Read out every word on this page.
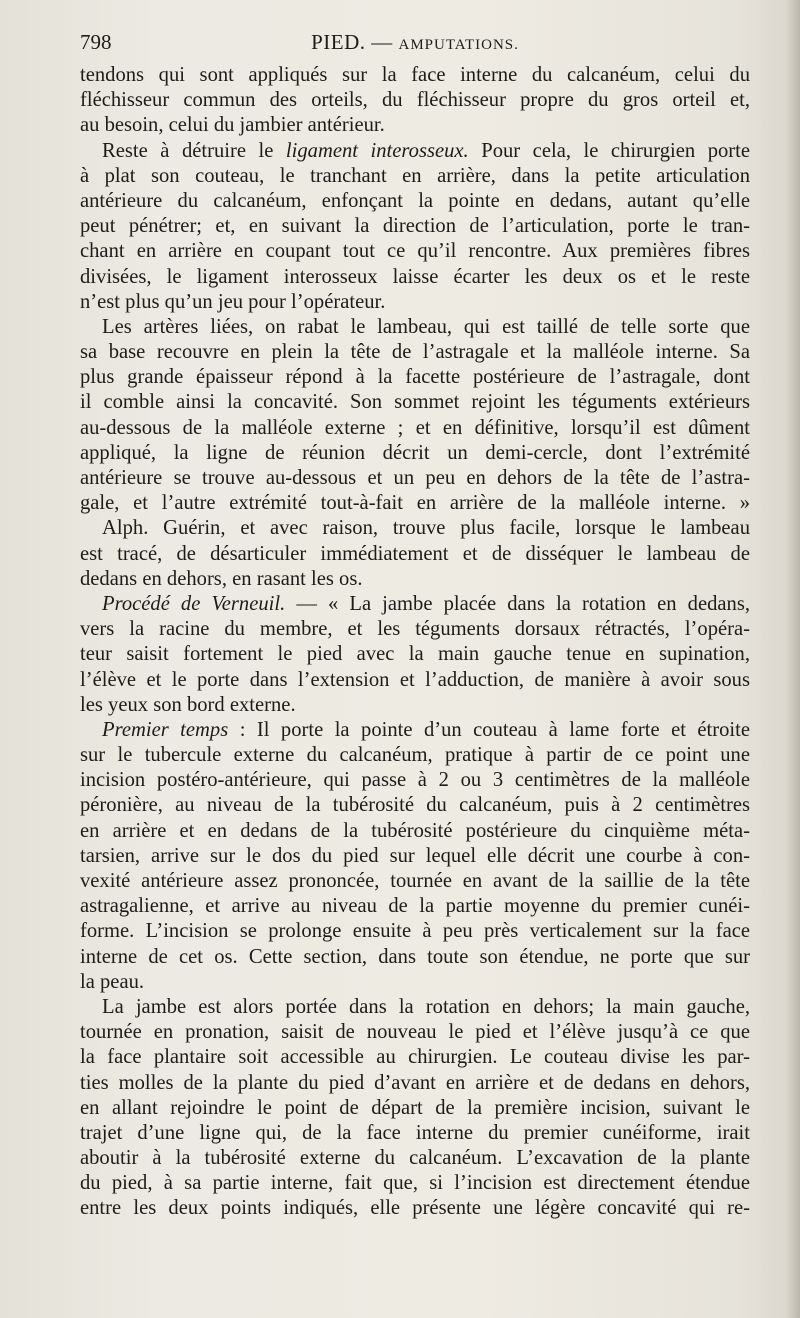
798	PIED. — AMPUTATIONS.
tendons qui sont appliqués sur la face interne du calcanéum, celui du
fléchisseur commun des orteils, du fléchisseur propre du gros orteil et,
au besoin, celui du jambier antérieur.
Reste à détruire le ligament interosseux. Pour cela, le chirurgien porte
à plat son couteau, le tranchant en arrière, dans la petite articulation
antérieure du calcanéum, enfonçant la pointe en dedans, autant qu’elle
peut pénétrer; et, en suivant la direction de l’articulation, porte le tran-
chant en arrière en coupant tout ce qu’il rencontre. Aux premières fibres
divisées, le ligament interosseux laisse écarter les deux os et le reste
n’est plus qu’un jeu pour l’opérateur.
Les artères liées, on rabat le lambeau, qui est taillé de telle sorte que
sa base recouvre en plein la tête de l’astragale et la malléole interne. Sa
plus grande épaisseur répond à la facette postérieure de l’astragale, dont
il comble ainsi la concavité. Son sommet rejoint les téguments extérieurs
au-dessous de la malléole externe ; et en définitive, lorsqu’il est dûment
appliqué, la ligne de réunion décrit un demi-cercle, dont l’extrémité
antérieure se trouve au-dessous et un peu en dehors de la tête de l’astra-
gale, et l’autre extrémité tout-à-fait en arrière de la malléole interne. »
Alph. Guérin, et avec raison, trouve plus facile, lorsque le lambeau
est tracé, de désarticuler immédiatement et de disséquer le lambeau de
dedans en dehors, en rasant les os.
Procédé de Verneuil. — « La jambe placée dans la rotation en dedans,
vers la racine du membre, et les téguments dorsaux rétractés, l’opéra-
teur saisit fortement le pied avec la main gauche tenue en supination,
l’élève et le porte dans l’extension et l’adduction, de manière à avoir sous
les yeux son bord externe.
Premier temps : Il porte la pointe d’un couteau à lame forte et étroite
sur le tubercule externe du calcanéum, pratique à partir de ce point une
incision postéro-antérieure, qui passe à 2 ou 3 centimètres de la malléole
péronière, au niveau de la tubérosité du calcanéum, puis à 2 centimètres
en arrière et en dedans de la tubérosité postérieure du cinquième méta-
tarsien, arrive sur le dos du pied sur lequel elle décrit une courbe à con-
vexité antérieure assez prononcée, tournée en avant de la saillie de la tête
astragalienne, et arrive au niveau de la partie moyenne du premier cunéi-
forme. L’incision se prolonge ensuite à peu près verticalement sur la face
interne de cet os. Cette section, dans toute son étendue, ne porte que sur
la peau.
La jambe est alors portée dans la rotation en dehors; la main gauche,
tournée en pronation, saisit de nouveau le pied et l’élève jusqu’à ce que
la face plantaire soit accessible au chirurgien. Le couteau divise les par-
ties molles de la plante du pied d’avant en arrière et de dedans en dehors,
en allant rejoindre le point de départ de la première incision, suivant le
trajet d’une ligne qui, de la face interne du premier cunéiforme, irait
aboutir à la tubérosité externe du calcanéum. L’excavation de la plante
du pied, à sa partie interne, fait que, si l’incision est directement étendue
entre les deux points indiqués, elle présente une légère concavité qui re-
